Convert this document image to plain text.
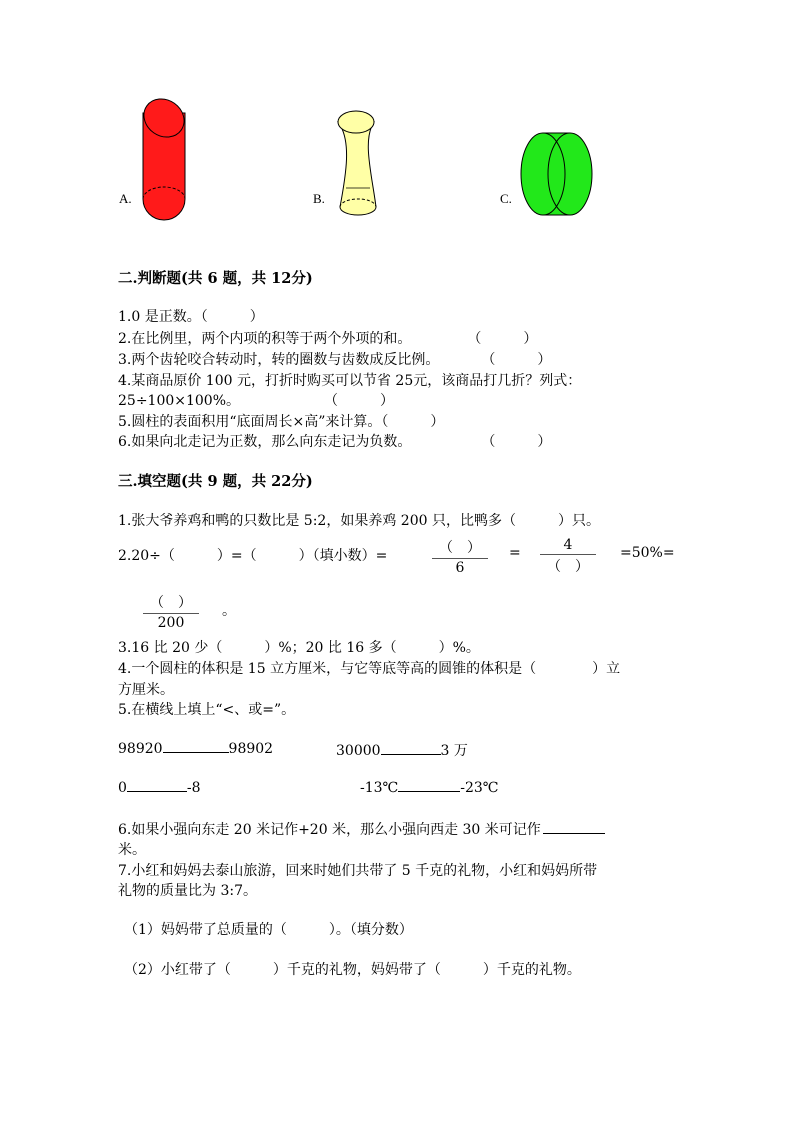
A.	B.	C.
二.判断题(共 6 题，共 12分)
1.0 是正数。（　　　）
2.在比例里，两个内项的积等于两个外项的和。　　　　　（　　　）
3.两个齿轮咬合转动时，转的圈数与齿数成反比例。　　　　（　　　）
4.某商品原价 100 元，打折时购买可以节省 25元，该商品打几折？列式：
25÷100×100%。　　　　　　　（　　　）
5.圆柱的表面积用“底面周长×高”来计算。（　　　）
6.如果向北走记为正数，那么向东走记为负数。　　　　　　（　　　）
三.填空题(共 9 题，共 22分)
1.张大爷养鸡和鸭的只数比是 5:2，如果养鸡 200 只，比鸭多（　　　）只。
2.20÷（　　　）=（　　　）（填小数）=	（　）
6
=	4
（　）
=50%=
（　）
200
。
3.16 比 20 少（　　　）%；20 比 16 多（　　　）%。
4.一个圆柱的体积是 15 立方厘米，与它等底等高的圆锥的体积是（　　　　）立
方厘米。
5.在横线上填上“<、或=”。
98920	98902	30000	3 万
0	-8	-13℃	-23℃
6.如果小强向东走 20 米记作+20 米，那么小强向西走 30 米可记作
米。
7.小红和妈妈去泰山旅游，回来时她们共带了 5 千克的礼物，小红和妈妈所带
礼物的质量比为 3:7。
（1）妈妈带了总质量的（　　　）。（填分数）
（2）小红带了（　　　）千克的礼物，妈妈带了（　　　）千克的礼物。
